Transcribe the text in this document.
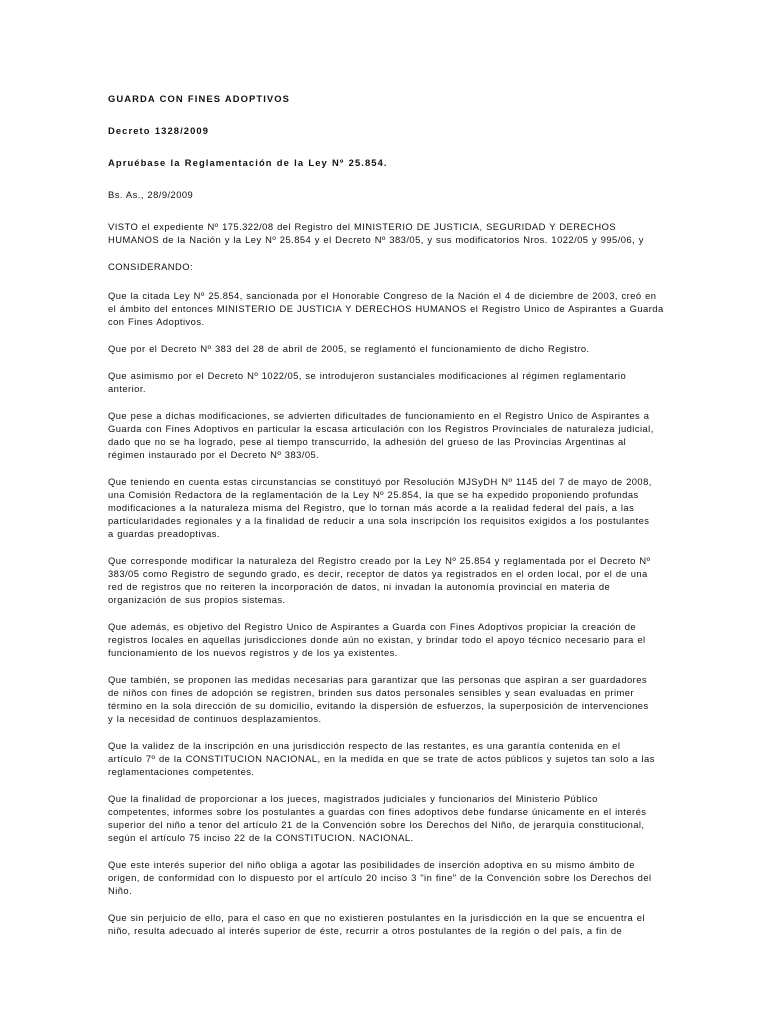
GUARDA CON FINES ADOPTIVOS
Decreto 1328/2009
Apruébase la Reglamentación de la Ley Nº 25.854.
Bs. As., 28/9/2009
VISTO el expediente Nº 175.322/08 del Registro del MINISTERIO DE JUSTICIA, SEGURIDAD Y DERECHOS
HUMANOS de la Nación y la Ley Nº 25.854 y el Decreto Nº 383/05, y sus modificatorios Nros. 1022/05 y 995/06, y
CONSIDERANDO:
Que la citada Ley Nº 25.854, sancionada por el Honorable Congreso de la Nación el 4 de diciembre de 2003, creó en
el ámbito del entonces MINISTERIO DE JUSTICIA Y DERECHOS HUMANOS el Registro Unico de Aspirantes a Guarda
con Fines Adoptivos.
Que por el Decreto Nº 383 del 28 de abril de 2005, se reglamentó el funcionamiento de dicho Registro.
Que asimismo por el Decreto Nº 1022/05, se introdujeron sustanciales modificaciones al régimen reglamentario
anterior.
Que pese a dichas modificaciones, se advierten dificultades de funcionamiento en el Registro Unico de Aspirantes a
Guarda con Fines Adoptivos en particular la escasa articulación con los Registros Provinciales de naturaleza judicial,
dado que no se ha logrado, pese al tiempo transcurrido, la adhesión del grueso de las Provincias Argentinas al
régimen instaurado por el Decreto Nº 383/05.
Que teniendo en cuenta estas circunstancias se constituyó por Resolución MJSyDH Nº 1145 del 7 de mayo de 2008,
una Comisión Redactora de la reglamentación de la Ley Nº 25.854, la que se ha expedido proponiendo profundas
modificaciones a la naturaleza misma del Registro, que lo tornan más acorde a la realidad federal del país, a las
particularidades regionales y a la finalidad de reducir a una sola inscripción los requisitos exigidos a los postulantes
a guardas preadoptivas.
Que corresponde modificar la naturaleza del Registro creado por la Ley Nº 25.854 y reglamentada por el Decreto Nº
383/05 como Registro de segundo grado, es decir, receptor de datos ya registrados en el orden local, por el de una
red de registros que no reiteren la incorporación de datos, ni invadan la autonomía provincial en materia de
organización de sus propios sistemas.
Que además, es objetivo del Registro Unico de Aspirantes a Guarda con Fines Adoptivos propiciar la creación de
registros locales en aquellas jurisdicciones donde aún no existan, y brindar todo el apoyo técnico necesario para el
funcionamiento de los nuevos registros y de los ya existentes.
Que también, se proponen las medidas necesarias para garantizar que las personas que aspiran a ser guardadores
de niños con fines de adopción se registren, brinden sus datos personales sensibles y sean evaluadas en primer
término en la sola dirección de su domicilio, evitando la dispersión de esfuerzos, la superposición de intervenciones
y la necesidad de continuos desplazamientos.
Que la validez de la inscripción en una jurisdicción respecto de las restantes, es una garantía contenida en el
artículo 7º de la CONSTITUCION NACIONAL, en la medida en que se trate de actos públicos y sujetos tan solo a las
reglamentaciones competentes.
Que la finalidad de proporcionar a los jueces, magistrados judiciales y funcionarios del Ministerio Público
competentes, informes sobre los postulantes a guardas con fines adoptivos debe fundarse únicamente en el interés
superior del niño a tenor del artículo 21 de la Convención sobre los Derechos del Niño, de jerarquía constitucional,
según el artículo 75 inciso 22 de la CONSTITUCION. NACIONAL.
Que este interés superior del niño obliga a agotar las posibilidades de inserción adoptiva en su mismo ámbito de
origen, de conformidad con lo dispuesto por el artículo 20 inciso 3 "in fine" de la Convención sobre los Derechos del
Niño.
Que sin perjuicio de ello, para el caso en que no existieren postulantes en la jurisdicción en la que se encuentra el
niño, resulta adecuado al interés superior de éste, recurrir a otros postulantes de la región o del país, a fin de
